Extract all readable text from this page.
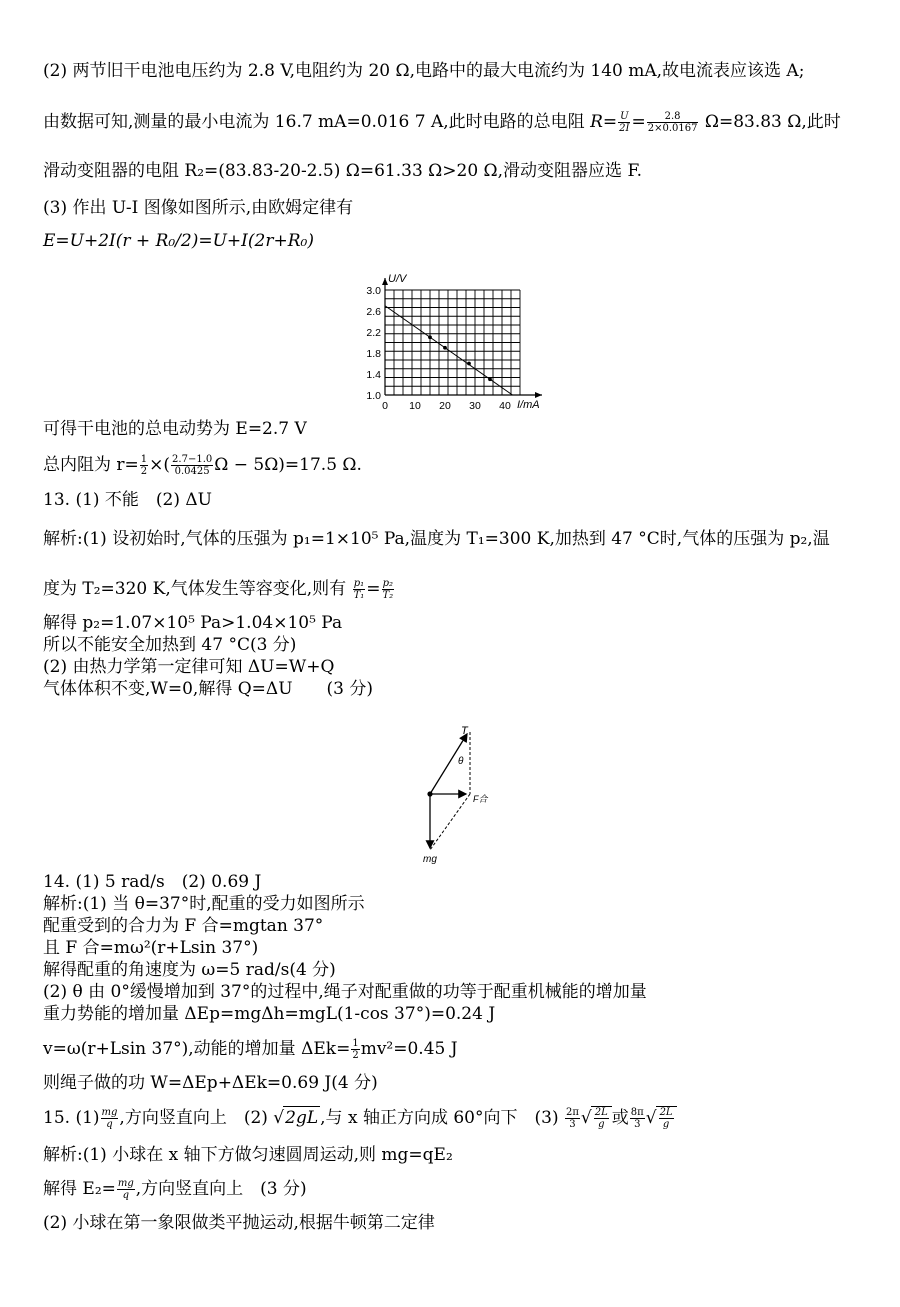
(2) 两节旧干电池电压约为 2.8 V,电阻约为 20 Ω,电路中的最大电流约为 140 mA,故电流表应该选 A;
由数据可知,测量的最小电流为 16.7 mA=0.016 7 A,此时电路的总电阻 $R= \frac{U}{2I} = \frac{2.8}{2\times 0.0167} \Omega=83.83$ Ω,此时
滑动变阻器的电阻 R₂=(83.83-20-2.5) Ω=61.33 Ω>20 Ω,滑动变阻器应选 F.
(3) 作出 U-I 图像如图所示,由欧姆定律有
E=U+2I(r + R₀/2)=U+I(2r+R₀)
3.0
2.6
2.2
1.8
1.4
1.0
0 10 20 30 40
U/V
I/mA
可得干电池的总电动势为 E=2.7 V
总内阻为 $r= \frac{1}{2}$ ×( $\frac{2.7-1.0}{0.0425}$ Ω − 5Ω)=17.5 Ω.
13. (1) 不能　(2) ΔU
解析:(1) 设初始时,气体的压强为 p₁=1×10⁵ Pa,温度为 T₁=300 K,加热到 47 °C时,气体的压强为 p₂,温
度为 T₂=320 K,气体发生等容变化,则有 $\frac{\text{p₁}}{\text{T₁}} = \frac{\text{p₂}}{\text{T₂}}$
解得 p₂=1.07×10⁵ Pa>1.04×10⁵ Pa
所以不能安全加热到 47 °C(3 分)
(2) 由热力学第一定律可知 ΔU=W+Q
气体体积不变,W=0,解得 Q=ΔU　　(3 分)
T
θ
F合
mg
14. (1) 5 rad/s　(2) 0.69 J
解析:(1) 当 θ=37°时,配重的受力如图所示
配重受到的合力为 F 合=mgtan 37°
且 F 合=mω²(r+Lsin 37°)
解得配重的角速度为 ω=5 rad/s(4 分)
(2) θ 由 0°缓慢增加到 37°的过程中,绳子对配重做的功等于配重机械能的增加量
重力势能的增加量 ΔEp=mgΔh=mgL(1-cos 37°)=0.24 J
v=ω(r+Lsin 37°),动能的增加量 $\Delta Ek= \frac{1}{2} mv^2=0.45$ J
则绳子做的功 W=ΔEp+ΔEk=0.69 J(4 分)
15. $(1) \frac{mg}{q}$ ,方向竖直向上　(2) √2gL ,与 x 轴正方向成 60°向下　$(3) \frac{2\pi}{3}$ √ $\frac{2L}{g}$ 或 $\frac{8\pi}{3}$ √ $\frac{2L}{g}$
解析:(1) 小球在 x 轴下方做匀速圆周运动,则 mg=qE₂
解得 $E_2= \frac{mg}{q}$ ,方向竖直向上　(3 分)
(2) 小球在第一象限做类平抛运动,根据牛顿第二定律
